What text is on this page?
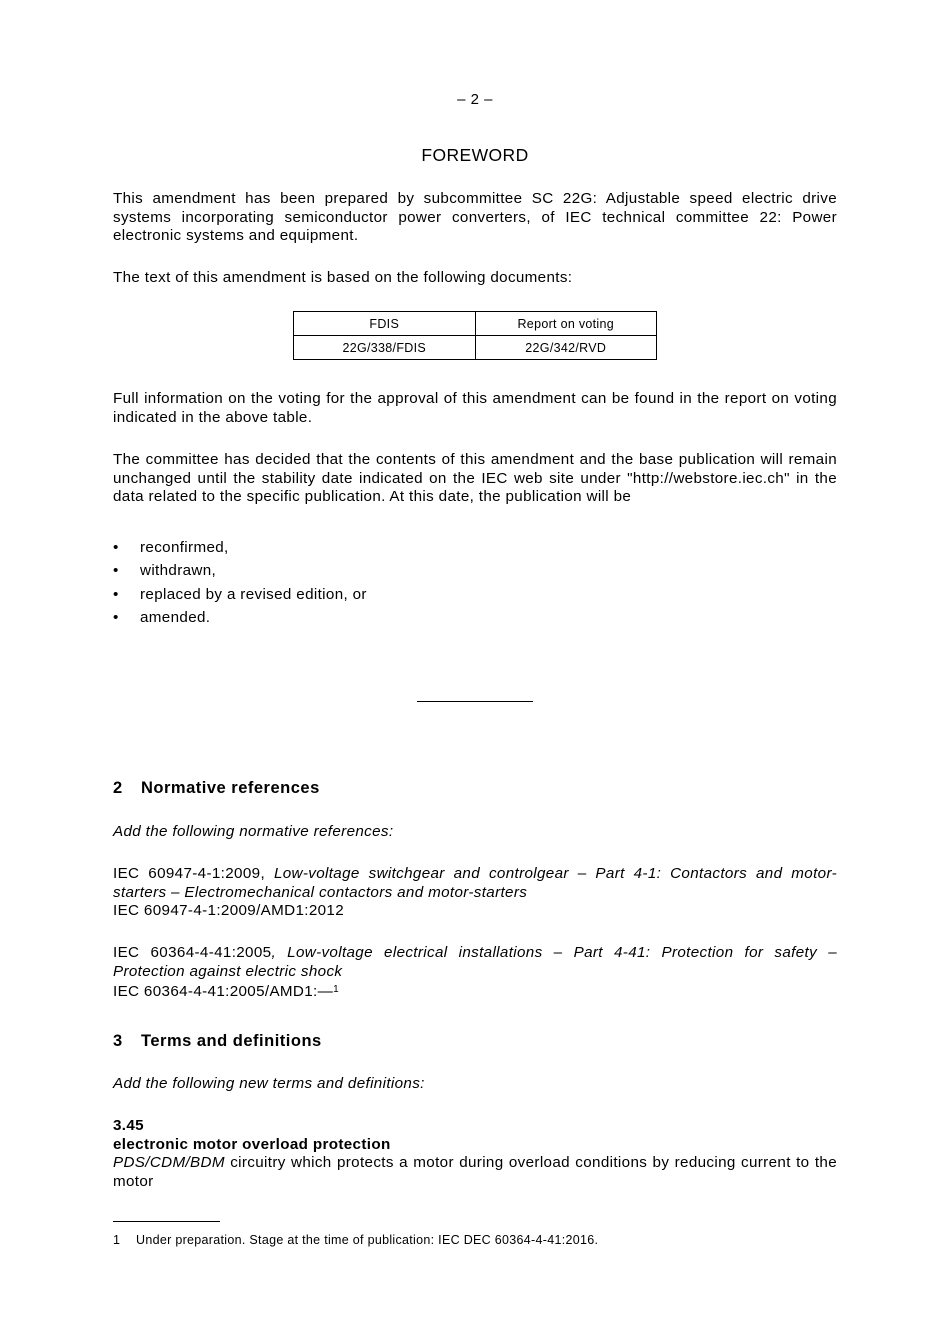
– 2 –
FOREWORD

This amendment has been prepared by subcommittee SC 22G: Adjustable speed electric drive systems incorporating semiconductor power converters, of IEC technical committee 22: Power electronic systems and equipment.

The text of this amendment is based on the following documents:

FDIS	Report on voting
22G/338/FDIS	22G/342/RVD

Full information on the voting for the approval of this amendment can be found in the report on voting indicated in the above table.

The committee has decided that the contents of this amendment and the base publication will remain unchanged until the stability date indicated on the IEC web site under "http://webstore.iec.ch" in the data related to the specific publication. At this date, the publication will be

• reconfirmed,
• withdrawn,
• replaced by a revised edition, or
• amended.
2 Normative references

Add the following normative references:

IEC 60947-4-1:2009, Low-voltage switchgear and controlgear – Part 4-1: Contactors and motor-starters – Electromechanical contactors and motor-starters
IEC 60947-4-1:2009/AMD1:2012
IEC 60364-4-41:2005, Low-voltage electrical installations – Part 4-41: Protection for safety – Protection against electric shock
IEC 60364-4-41:2005/AMD1:—$^1$
3 Terms and definitions

Add the following new terms and definitions:

3.45
electronic motor overload protection
PDS/CDM/BDM circuitry which protects a motor during overload conditions by reducing current to the motor
1 Under preparation. Stage at the time of publication: IEC DEC 60364-4-41:2016.
